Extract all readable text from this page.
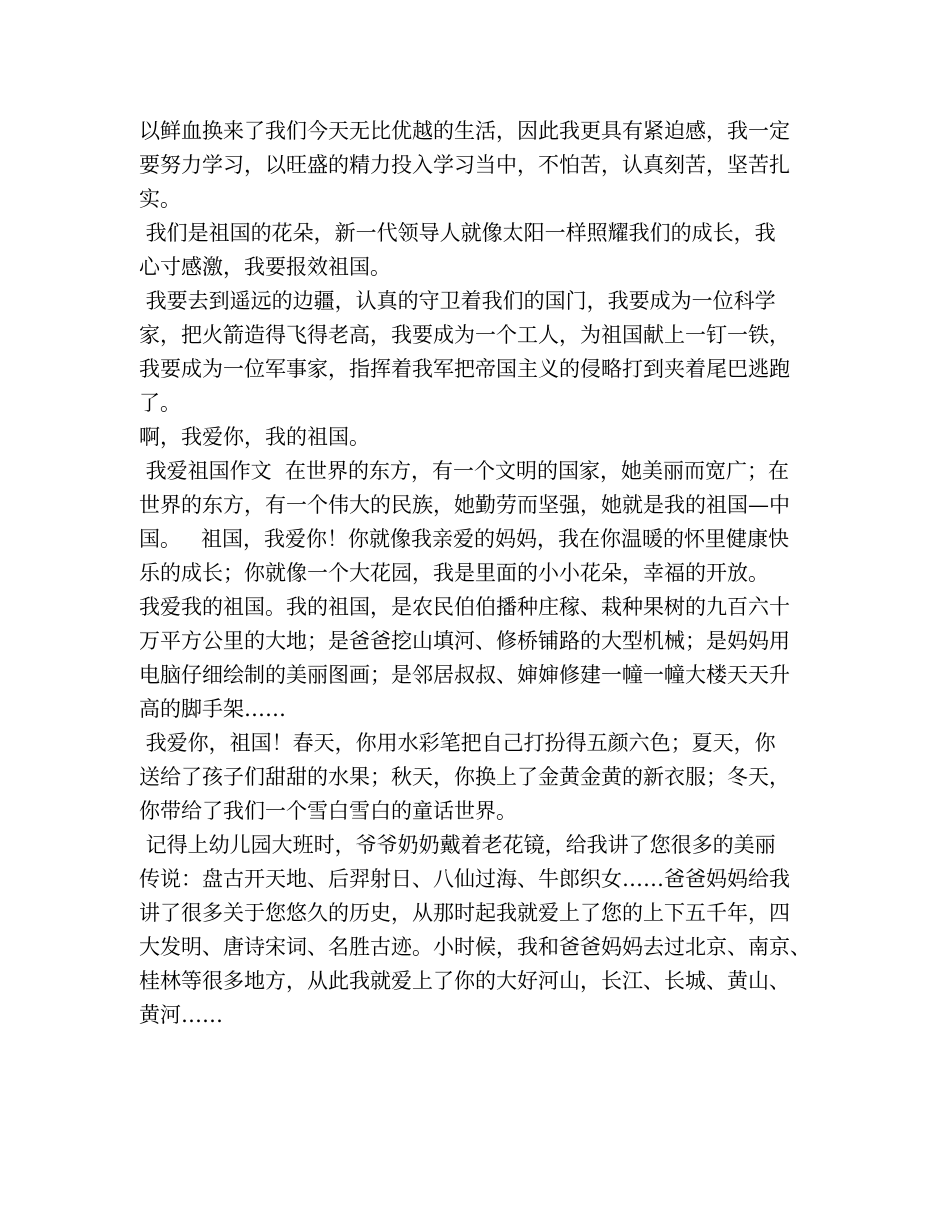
以鲜血换来了我们今天无比优越的生活，因此我更具有紧迫感，我一定
要努力学习，以旺盛的精力投入学习当中，不怕苦，认真刻苦，坚苦扎
实。
我们是祖国的花朵，新一代领导人就像太阳一样照耀我们的成长，我
心寸感激，我要报效祖国。
我要去到遥远的边疆，认真的守卫着我们的国门，我要成为一位科学
家，把火箭造得飞得老高，我要成为一个工人，为祖国献上一钉一铁，
我要成为一位军事家，指挥着我军把帝国主义的侵略打到夹着尾巴逃跑
了。
啊，我爱你，我的祖国。
我爱祖国作文  在世界的东方，有一个文明的国家，她美丽而宽广；在
世界的东方，有一个伟大的民族，她勤劳而坚强，她就是我的祖国—中
国。   祖国，我爱你！你就像我亲爱的妈妈，我在你温暖的怀里健康快
乐的成长；你就像一个大花园，我是里面的小小花朵，幸福的开放。
我爱我的祖国。我的祖国，是农民伯伯播种庄稼、栽种果树的九百六十
万平方公里的大地；是爸爸挖山填河、修桥铺路的大型机械；是妈妈用
电脑仔细绘制的美丽图画；是邻居叔叔、婶婶修建一幢一幢大楼天天升
高的脚手架……
我爱你，祖国！春天，你用水彩笔把自己打扮得五颜六色；夏天，你
送给了孩子们甜甜的水果；秋天，你换上了金黄金黄的新衣服；冬天，
你带给了我们一个雪白雪白的童话世界。
记得上幼儿园大班时，爷爷奶奶戴着老花镜，给我讲了您很多的美丽
传说：盘古开天地、后羿射日、八仙过海、牛郎织女……爸爸妈妈给我
讲了很多关于您悠久的历史，从那时起我就爱上了您的上下五千年，四
大发明、唐诗宋词、名胜古迹。小时候，我和爸爸妈妈去过北京、南京、
桂林等很多地方，从此我就爱上了你的大好河山，长江、长城、黄山、
黄河……
